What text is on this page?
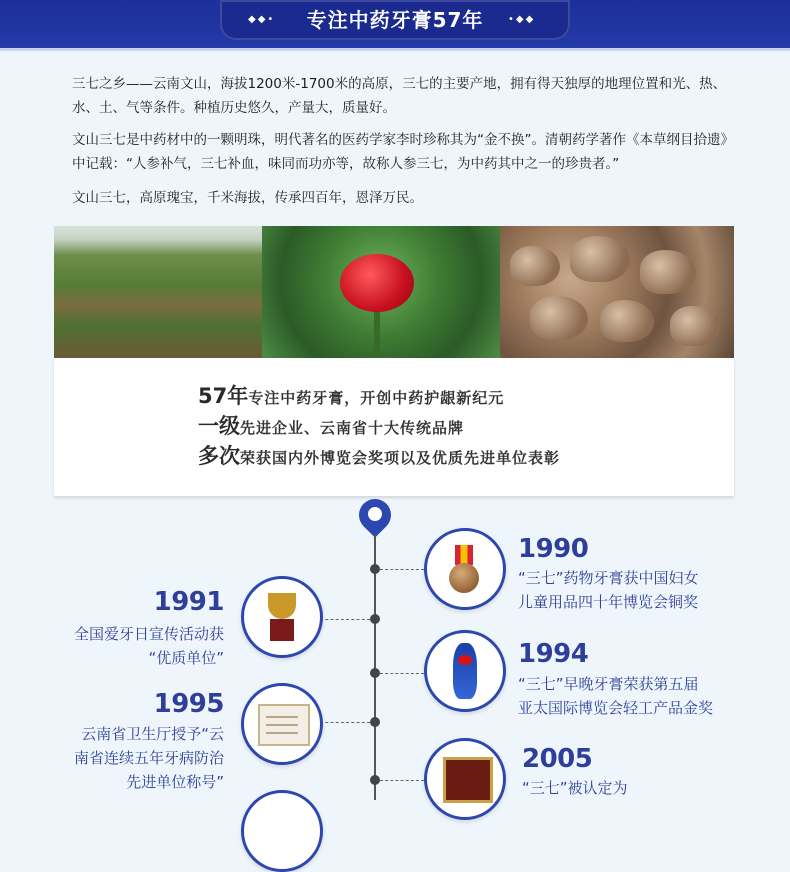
◆◆•	专注中药牙膏57年	•◆◆
三七之乡——云南文山，海拔1200米-1700米的高原，三七的主要产地，拥有得天独厚的地理位置和光、热、水、土、气等条件。种植历史悠久，产量大，质量好。
文山三七是中药材中的一颗明珠，明代著名的医药学家李时珍称其为“金不换”。清朝药学著作《本草纲目拾遗》中记载：“人参补气，三七补血，味同而功亦等，故称人参三七，为中药其中之一的珍贵者。”
文山三七，高原瑰宝，千米海拔，传承四百年，恩泽万民。
57年专注中药牙膏，开创中药护龈新纪元
一级先进企业、云南省十大传统品牌
多次荣获国内外博览会奖项以及优质先进单位表彰
1990
“三七”药物牙膏获中国妇女
儿童用品四十年博览会铜奖
1991
全国爱牙日宣传活动获
“优质单位”	1994
“三七”早晚牙膏荣获第五届
亚太国际博览会轻工产品金奖
1995
云南省卫生厅授予“云
南省连续五年牙病防治
先进单位称号”
2005
“三七”被认定为
